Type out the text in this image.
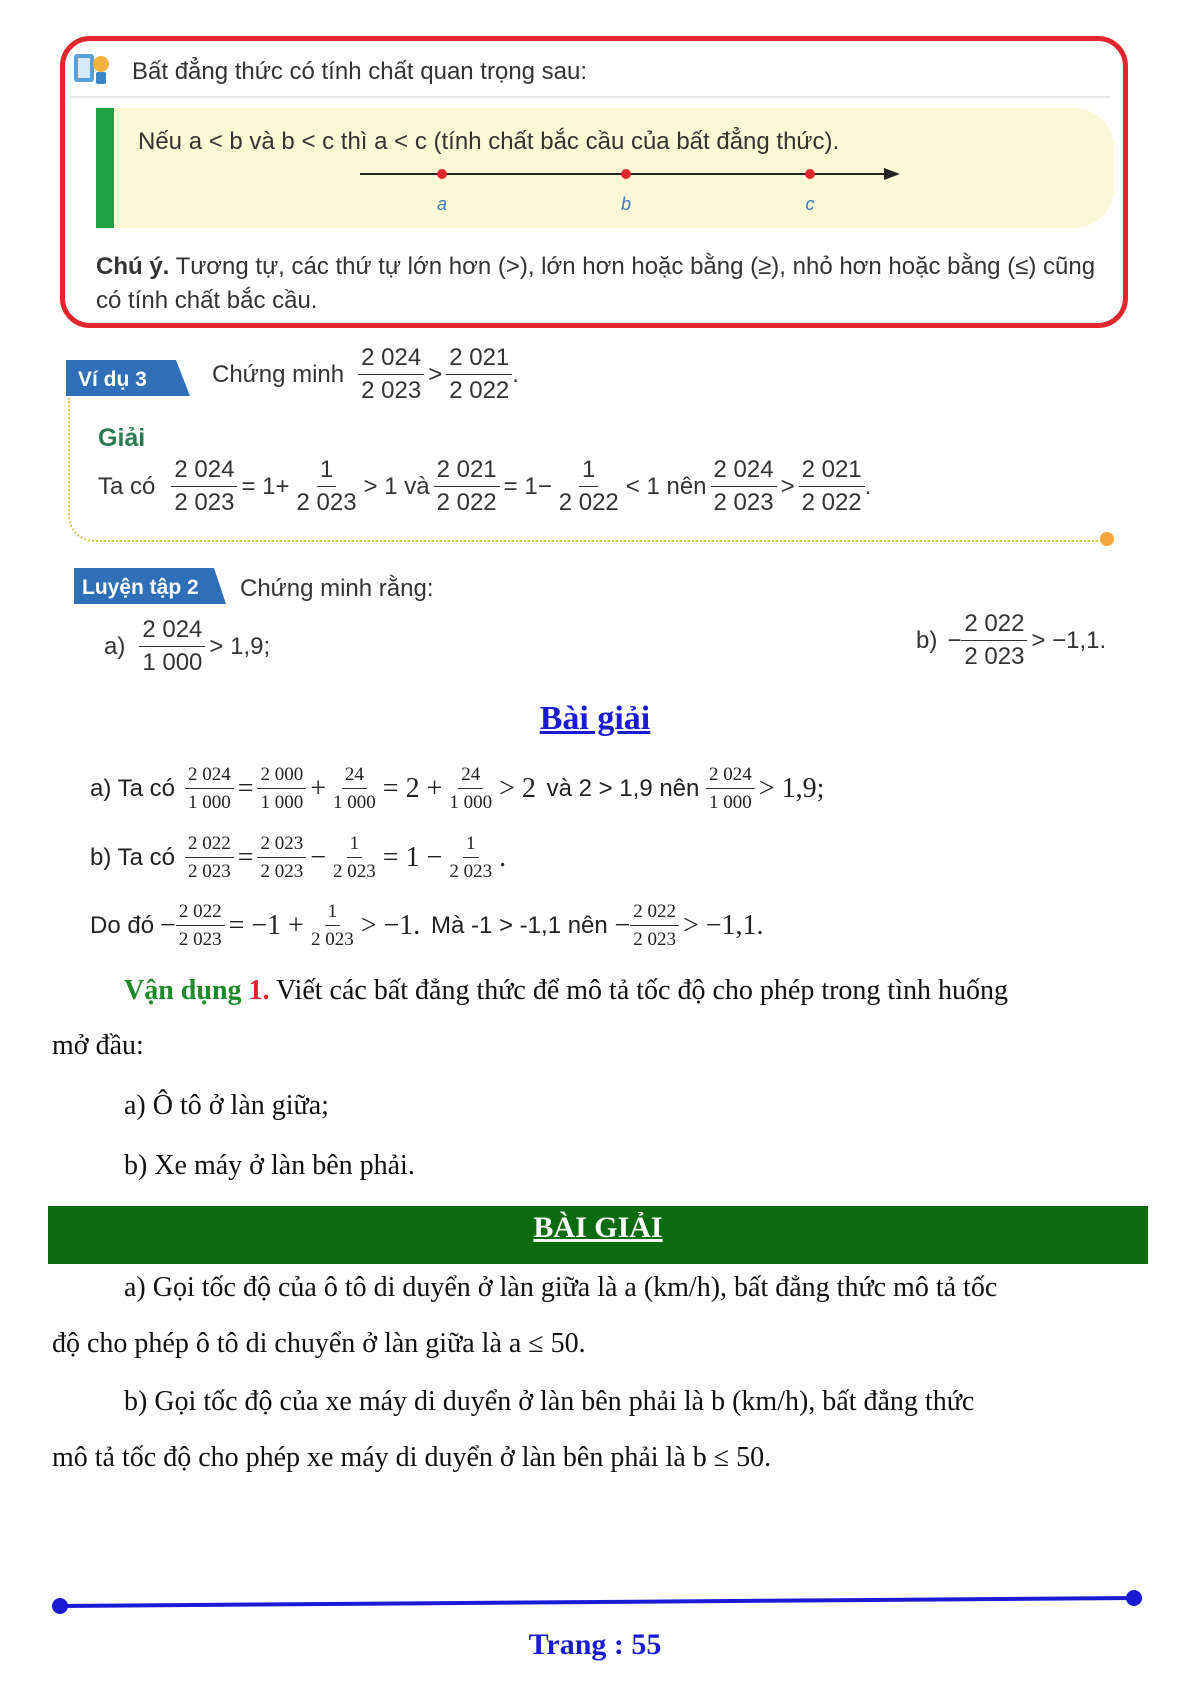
Bất đẳng thức có tính chất quan trọng sau:
Nếu a < b và b < c thì a < c (tính chất bắc cầu của bất đẳng thức).
a	b	c
Chú ý. Tương tự, các thứ tự lớn hơn (>), lớn hơn hoặc bằng (≥), nhỏ hơn hoặc bằng (≤) cũng có tính chất bắc cầu.
Ví dụ 3	Chứng minh $\frac{2 024}{2 023} > \frac{2 021}{2 022}$ .
Giải
Ta có $\frac{2 024}{2 023} = 1+ \frac{1}{2 023} > 1$ và $\frac{2 021}{2 022} = 1- \frac{1}{2 022} < 1$ nên $\frac{2 024}{2 023} > \frac{2 021}{2 022}$ .
Luyện tập 2 Chứng minh rằng:
$a) \frac{2 024}{1 000} > 1,9$;	$b) - \frac{2 022}{2 023} > -1,1$.
Bài giải
a) Ta có $\frac{2 024}{1 000} = \frac{2 000}{1 000} + \frac{24}{1 000} = 2 + \frac{24}{1 000} > 2$ và 2 > 1,9 nên $\frac{2 024}{1 000} > 1,9$;
b) Ta có $\frac{2 022}{2 023} = \frac{2 023}{2 023} - \frac{1}{2 023} = 1 - \frac{1}{2 023}$ .
Do đó − $\frac{2 022}{2 023} = -1 + \frac{1}{2 023} > -1$. Mà -1 > -1,1 nên − $\frac{2 022}{2 023} > -1,1$.
Vận dụng 1. Viết các bất đẳng thức để mô tả tốc độ cho phép trong tình huống
mở đầu:
a) Ô tô ở làn giữa;
b) Xe máy ở làn bên phải.
BÀI GIẢI
a) Gọi tốc độ của ô tô di duyển ở làn giữa là a (km/h), bất đẳng thức mô tả tốc
độ cho phép ô tô di chuyển ở làn giữa là a ≤ 50.
b) Gọi tốc độ của xe máy di duyển ở làn bên phải là b (km/h), bất đẳng thức
mô tả tốc độ cho phép xe máy di duyển ở làn bên phải là b ≤ 50.
Trang : 55
